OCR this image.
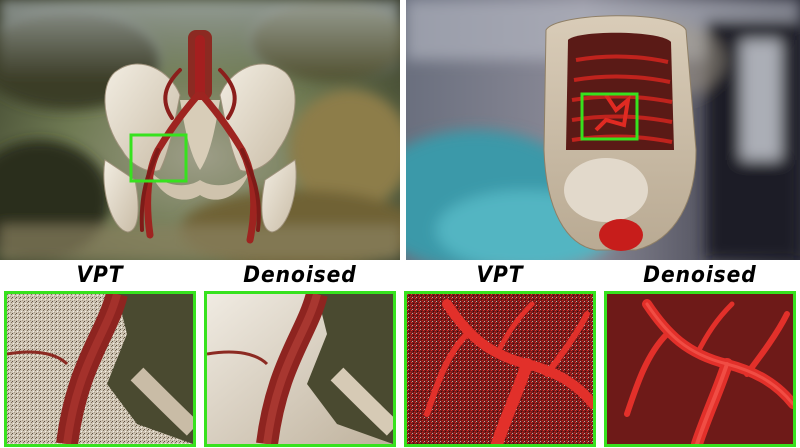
VPT	Denoised	VPT	Denoised
